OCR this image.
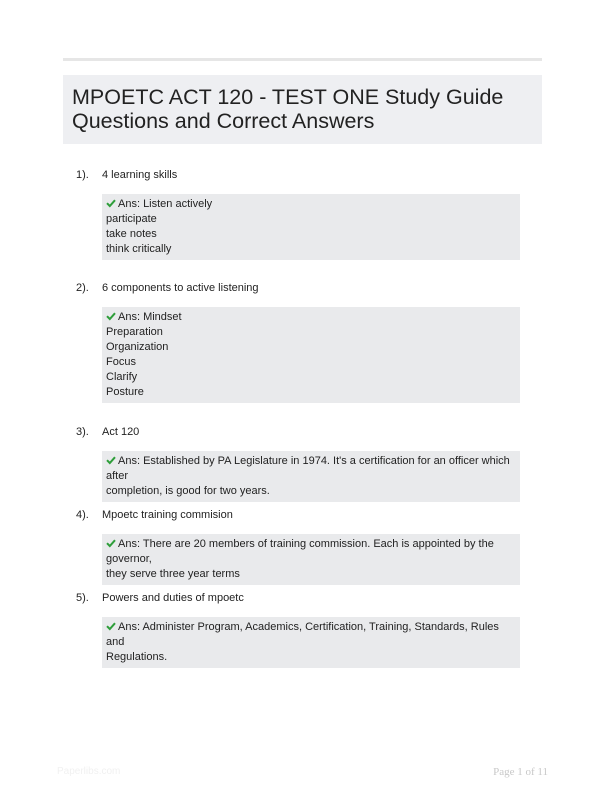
MPOETC ACT 120 - TEST ONE Study Guide Questions and Correct Answers
1). 4 learning skills
Ans: Listen actively
participate
take notes
think critically
2). 6 components to active listening
Ans: Mindset
Preparation
Organization
Focus
Clarify
Posture
3). Act 120
Ans: Established by PA Legislature in 1974. It's a certification for an officer which after
completion, is good for two years.
4). Mpoetc training commision
Ans: There are 20 members of training commission. Each is appointed by the governor,
they serve three year terms
5). Powers and duties of mpoetc
Ans: Administer Program, Academics, Certification, Training, Standards, Rules and
Regulations.
Paperlibs.com	Page 1 of 11
